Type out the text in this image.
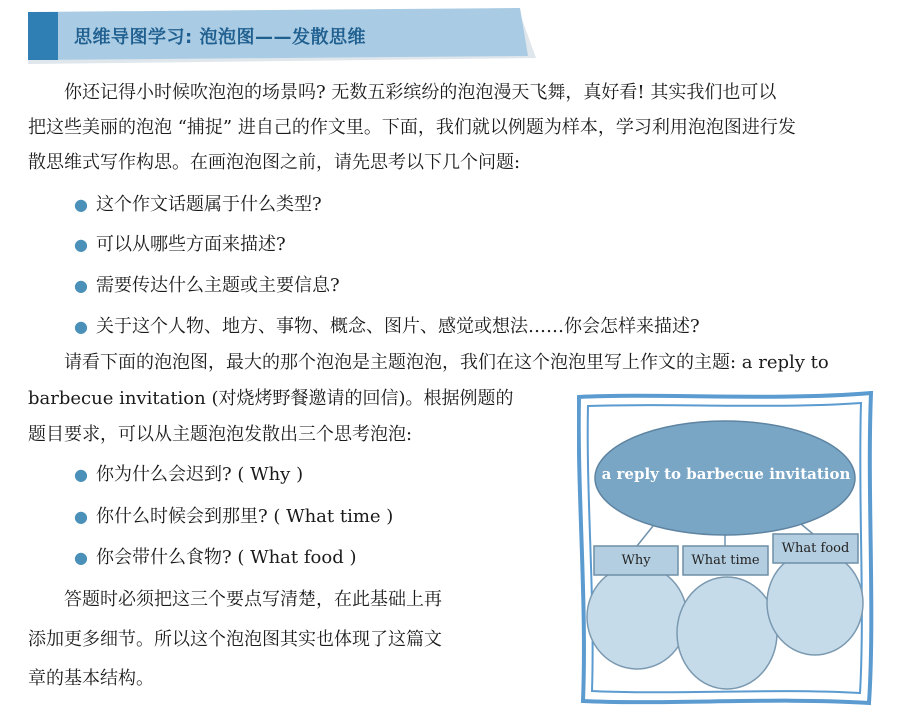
思维导图学习: 泡泡图——发散思维

你还记得小时候吹泡泡的场景吗? 无数五彩缤纷的泡泡漫天飞舞，真好看! 其实我们也可以

把这些美丽的泡泡 “捕捉” 进自己的作文里。下面，我们就以例题为样本，学习利用泡泡图进行发

散思维式写作构思。在画泡泡图之前，请先思考以下几个问题:

● 这个作文话题属于什么类型?
● 可以从哪些方面来描述?
● 需要传达什么主题或主要信息?
● 关于这个人物、地方、事物、概念、图片、感觉或想法……你会怎样来描述?

请看下面的泡泡图，最大的那个泡泡是主题泡泡，我们在这个泡泡里写上作文的主题: a reply to

barbecue invitation (对烧烤野餐邀请的回信)。根据例题的

题目要求，可以从主题泡泡发散出三个思考泡泡:

● 你为什么会迟到? ( Why )
● 你什么时候会到那里? ( What time )
● 你会带什么食物? ( What food )

答题时必须把这三个要点写清楚，在此基础上再

添加更多细节。所以这个泡泡图其实也体现了这篇文

章的基本结构。

a reply to barbecue invitation
Why	What time
What food
